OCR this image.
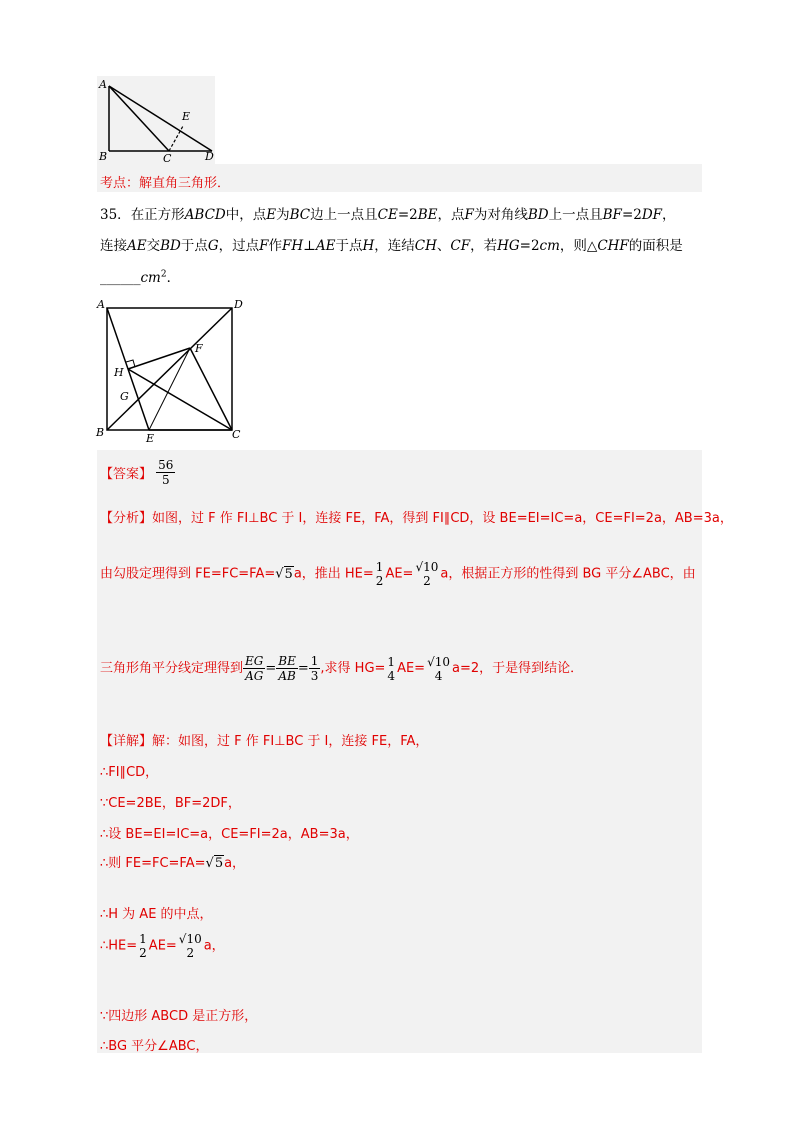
A
B	C	D
E
考点：解直角三角形．
35．在正方形ABCD中，点E为BC边上一点且CE=2BE，点F为对角线BD上一点且BF=2DF，
连接AE交BD于点G，过点F作FH⊥AE于点H，连结CH、CF，若HG=2cm，则△CHF的面积是
$\_\_\_\_\_\_cm^2$．
A	D
B	C
E
F
G
H
【答案】 $\frac{56}{5}$
【分析】如图，过 F 作 FI⊥BC 于 I，连接 FE，FA，得到 FI∥CD，设 BE=EI=IC=a，CE=FI=2a，AB=3a，
由勾股定理得到 FE=FC=FA=√5a，推出 HE= 1
2 AE= √10
2 a，根据正方形的性得到 BG 平分∠ABC，由
三角形角平分线定理得到 $\frac{EG}{AG} = \frac{BE}{AB} = \frac{1}{3}$ ,求得 HG= 1
4 AE= √10
4 a=2，于是得到结论．
【详解】解：如图，过 F 作 FI⊥BC 于 I，连接 FE，FA，
∴FI∥CD，
∵CE=2BE，BF=2DF，
∴设 BE=EI=IC=a，CE=FI=2a，AB=3a，
∴则 FE=FC=FA=√5a，
∴H 为 AE 的中点，
∴HE= 1
2 AE= √10
2 a，
∵四边形 ABCD 是正方形，
∴BG 平分∠ABC，
